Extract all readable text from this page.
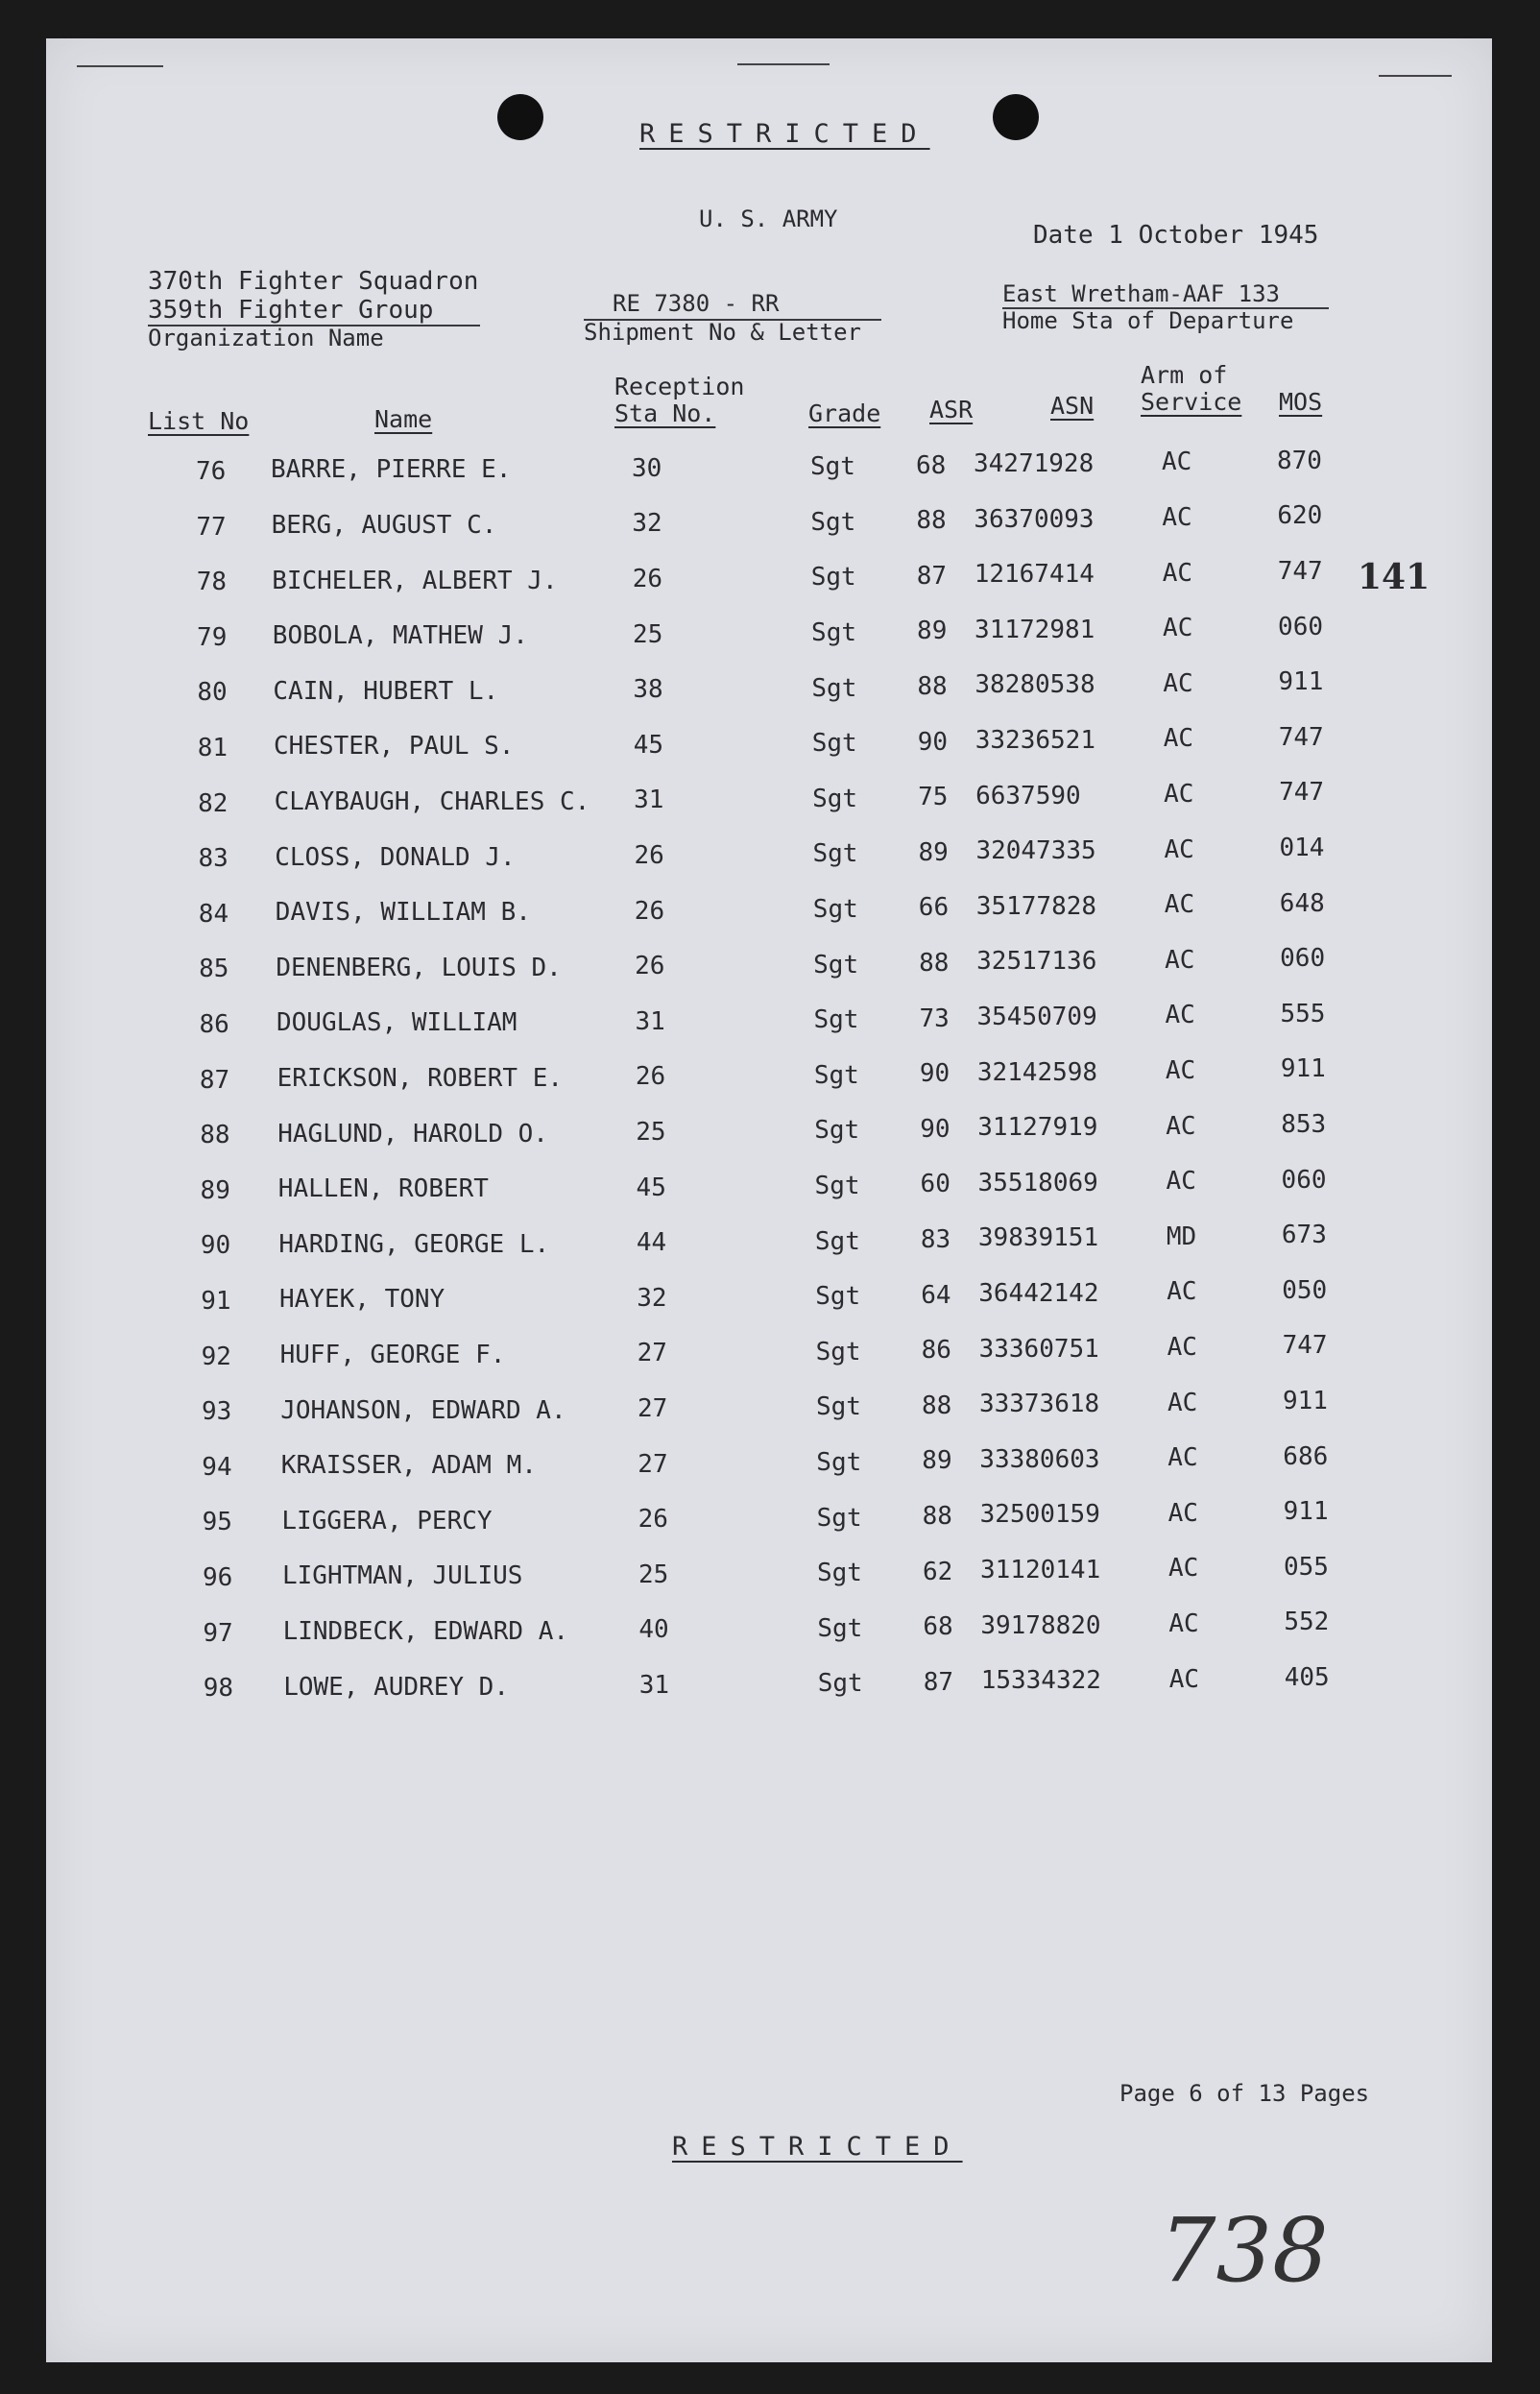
RESTRICTED
U. S. ARMY
Date 1 October 1945
370th Fighter Squadron
359th Fighter Group
Organization Name
RE 7380 - RR
Shipment No & Letter
East Wretham-AAF 133
Home Sta of Departure
List No	Name
Reception
Sta No.	Grade ASR	ASN
Arm of
Service MOS
76 BARRE, PIERRE E.	30	Sgt 68 34271928	AC	870
77 BERG, AUGUST C.	32	Sgt 88 36370093	AC	620
78 BICHELER, ALBERT J.	26	Sgt 87 12167414	AC	747
79 BOBOLA, MATHEW J.	25	Sgt 89 31172981	AC	060
80 CAIN, HUBERT L.	38	Sgt 88 38280538	AC	911
81 CHESTER, PAUL S.	45	Sgt 90 33236521	AC	747
82 CLAYBAUGH, CHARLES C. 31	Sgt 75 6637590	AC	747
83 CLOSS, DONALD J.	26	Sgt 89 32047335	AC	014
84 DAVIS, WILLIAM B.	26	Sgt 66 35177828	AC	648
85 DENENBERG, LOUIS D.	26	Sgt 88 32517136	AC	060
86 DOUGLAS, WILLIAM	31	Sgt 73 35450709	AC	555
87 ERICKSON, ROBERT E.	26	Sgt 90 32142598	AC	911
88 HAGLUND, HAROLD O.	25	Sgt 90 31127919	AC	853
89 HALLEN, ROBERT	45	Sgt 60 35518069	AC	060
90 HARDING, GEORGE L.	44	Sgt 83 39839151	MD	673
91 HAYEK, TONY	32	Sgt 64 36442142	AC	050
92 HUFF, GEORGE F.	27	Sgt 86 33360751	AC	747
93 JOHANSON, EDWARD A.	27	Sgt 88 33373618	AC	911
94 KRAISSER, ADAM M.	27	Sgt 89 33380603	AC	686
95 LIGGERA, PERCY	26	Sgt 88 32500159	AC	911
96 LIGHTMAN, JULIUS	25	Sgt 62 31120141	AC	055
97 LINDBECK, EDWARD A.	40	Sgt 68 39178820	AC	552
98 LOWE, AUDREY D.	31	Sgt 87 15334322	AC	405
141
Page 6 of 13 Pages
RESTRICTED
738
